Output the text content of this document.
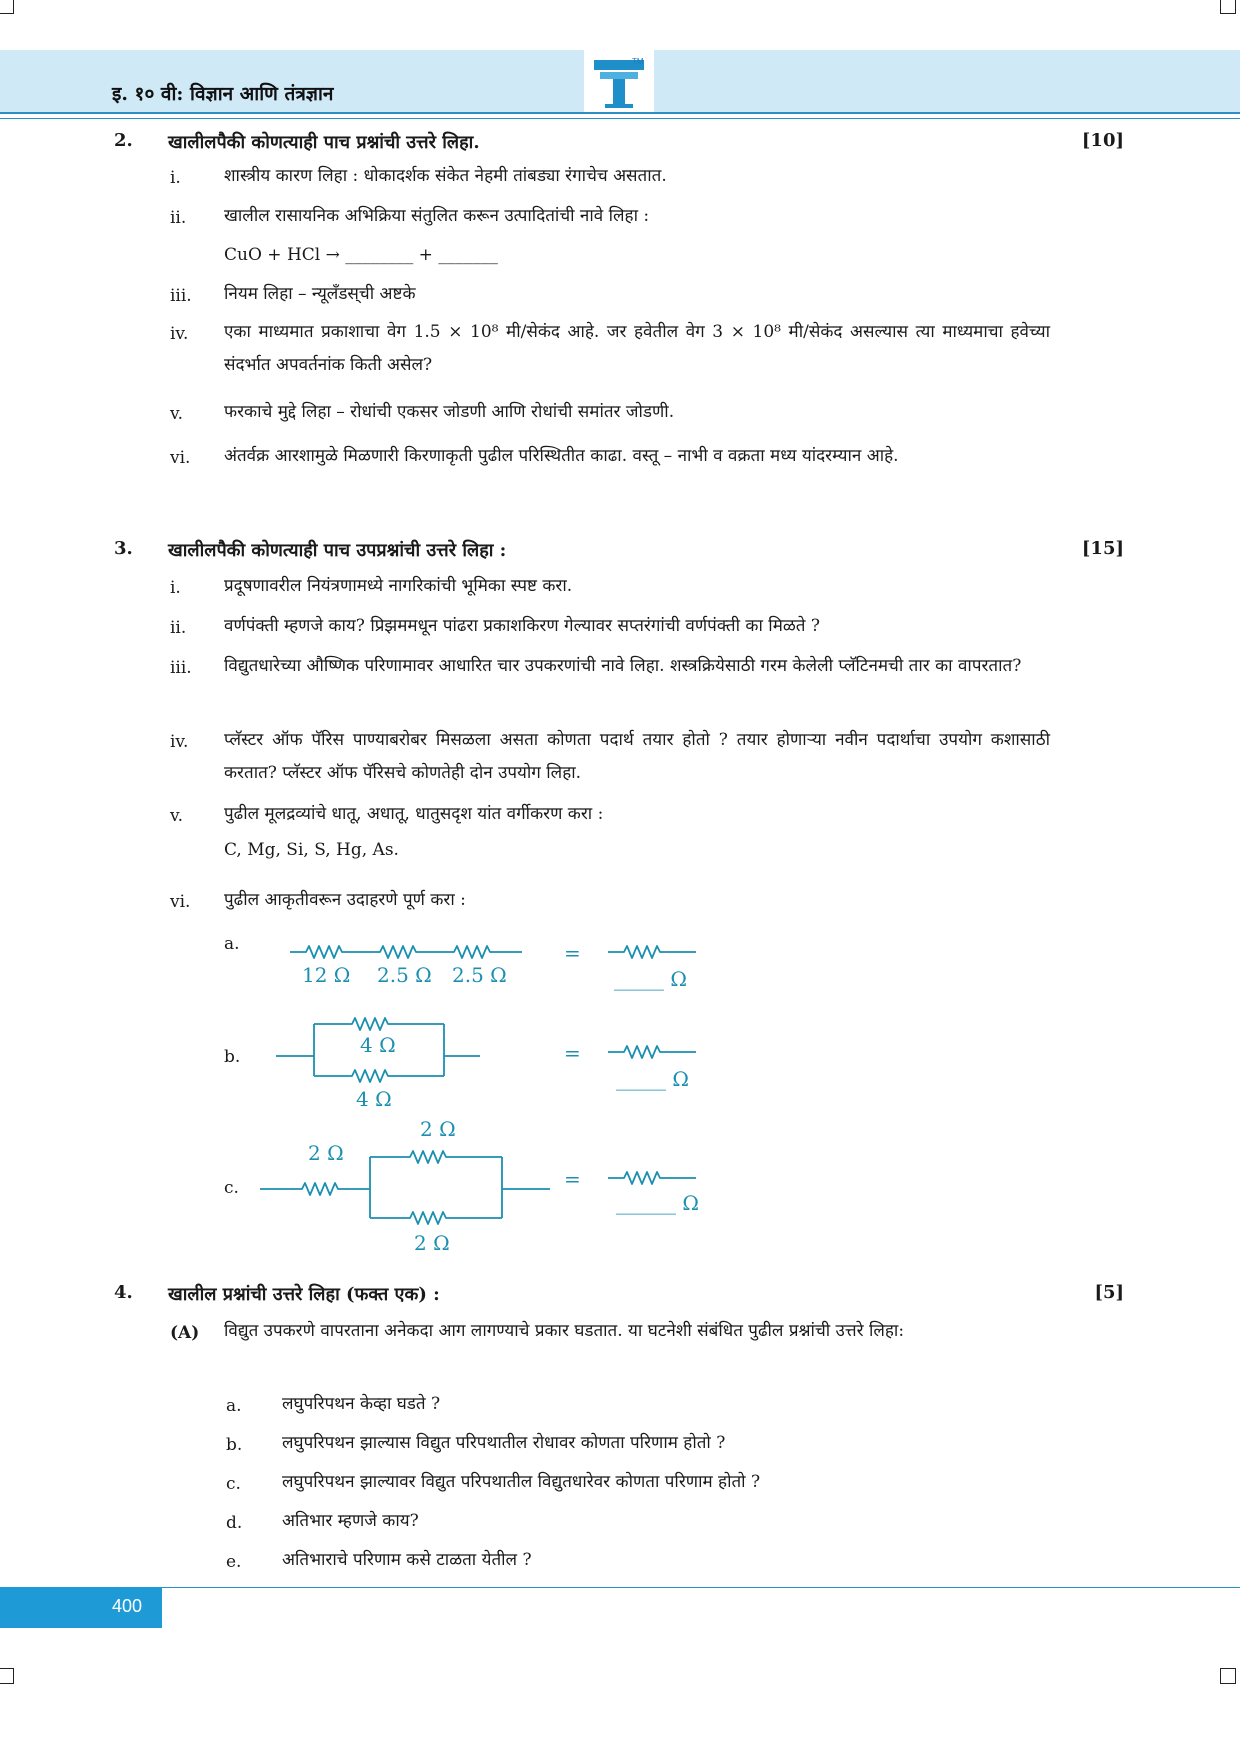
इ. १० वी: विज्ञान आणि तंत्रज्ञान
TM
2. खालीलपैकी कोणत्याही पाच प्रश्नांची उत्तरे लिहा.	[10]
i.	शास्त्रीय कारण लिहा : धोकादर्शक संकेत नेहमी तांबड्या रंगाचेच असतात.
ii. खालील रासायनिक अभिक्रिया संतुलित करून उत्पादितांची नावे लिहा :
CuO + HCl → ________ + _______
iii. नियम लिहा – न्यूलँडस्‌ची अष्टके
iv. एका माध्यमात प्रकाशाचा वेग 1.5 × 10⁸ मी/सेकंद आहे. जर हवेतील वेग 3 × 10⁸ मी/सेकंद असल्यास त्या माध्यमाचा हवेच्या संदर्भात अपवर्तनांक किती असेल?
v. फरकाचे मुद्दे लिहा – रोधांची एकसर जोडणी आणि रोधांची समांतर जोडणी.
vi. अंतर्वक्र आरशामुळे मिळणारी किरणाकृती पुढील परिस्थितीत काढा. वस्तू – नाभी व वक्रता मध्य यांदरम्यान आहे.
3. खालीलपैकी कोणत्याही पाच उपप्रश्नांची उत्तरे लिहा :	[15]
i.	प्रदूषणावरील नियंत्रणामध्ये नागरिकांची भूमिका स्पष्ट करा.
ii. वर्णपंक्ती म्हणजे काय? प्रिझममधून पांढरा प्रकाशकिरण गेल्यावर सप्तरंगांची वर्णपंक्ती का मिळते ?
iii. विद्युतधारेच्या औष्णिक परिणामावर आधारित चार उपकरणांची नावे लिहा. शस्त्रक्रियेसाठी गरम केलेली प्लॅटिनमची तार का वापरतात?
iv. प्लॅस्टर ऑफ पॅरिस पाण्याबरोबर मिसळला असता कोणता पदार्थ तयार होतो ? तयार होणाऱ्या नवीन पदार्थाचा उपयोग कशासाठी करतात? प्लॅस्टर ऑफ पॅरिसचे कोणतेही दोन उपयोग लिहा.
v. पुढील मूलद्रव्यांचे धातू, अधातू, धातुसदृश यांत वर्गीकरण करा :
C, Mg, Si, S, Hg, As.
vi. पुढील आकृतीवरून उदाहरणे पूर्ण करा :
a.
b.
c.
12 Ω 2.5 Ω 2.5 Ω
=
_____ Ω
4 Ω
4 Ω
=
_____ Ω
2 Ω
2 Ω
2 Ω
=
______ Ω
4. खालील प्रश्नांची उत्तरे लिहा (फक्त एक) :	[5]
(A) विद्युत उपकरणे वापरताना अनेकदा आग लागण्याचे प्रकार घडतात. या घटनेशी संबंधित पुढील प्रश्नांची उत्तरे लिहा:
a. लघुपरिपथन केव्हा घडते ?
b. लघुपरिपथन झाल्यास विद्युत परिपथातील रोधावर कोणता परिणाम होतो ?
c. लघुपरिपथन झाल्यावर विद्युत परिपथातील विद्युतधारेवर कोणता परिणाम होतो ?
d. अतिभार म्हणजे काय?
e. अतिभाराचे परिणाम कसे टाळता येतील ?
400
